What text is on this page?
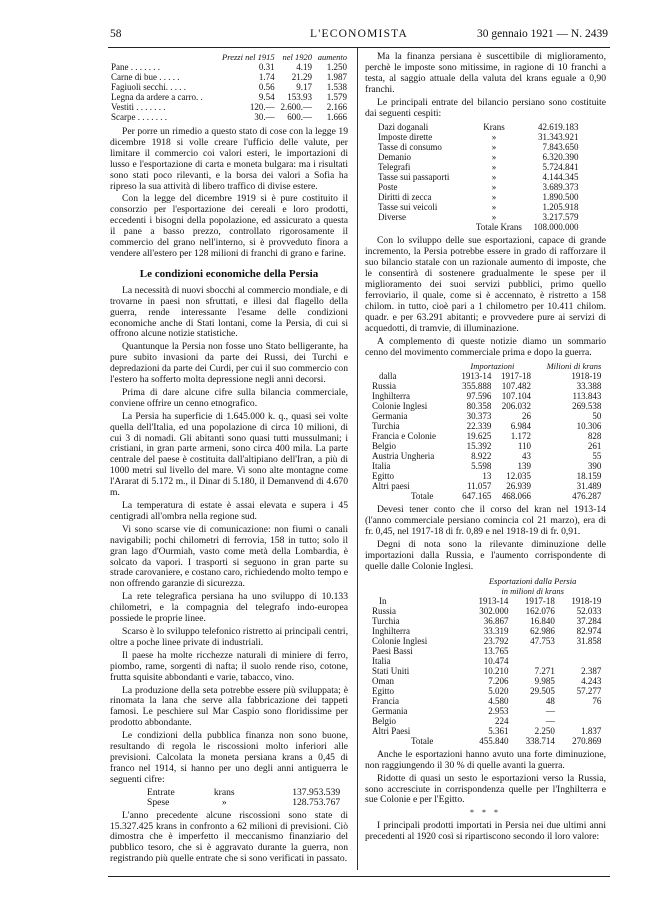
58	L'ECONOMISTA	30 gennaio 1921 — N. 2439
	Prezzi nel 1915	nel 1920	aumento
Pane . . . . . . .	0.31	4.19	1.250
Carne di bue . . . . .	1.74	21.29	1.987
Fagiuoli secchi. . . . .	0.56	9.17	1.538
Legna da ardere a carro. .	9.54	153.93	1.579
Vestiti . . . . . . .	120.—	2.600.—	2.166
Scarpe . . . . . . .	30.—	600.—	1.666

Per porre un rimedio a questo stato di cose con la legge 19 dicembre 1918 si volle creare l'ufficio delle valute, per limitare il commercio coi valori esteri, le importazioni di lusso e l'esportazione di carta e moneta bulgara: ma i risultati sono stati poco rilevanti, e la borsa dei valori a Sofia ha ripreso la sua attività di libero traffico di divise estere.

Con la legge del dicembre 1919 si è pure costituito il consorzio per l'esportazione dei cereali e loro prodotti, eccedenti i bisogni della popolazione, ed assicurato a questa il pane a basso prezzo, controllato rigorosamente il commercio del grano nell'interno, si è provveduto finora a vendere all'estero per 128 milioni di franchi di grano e farine.

Le condizioni economiche della Persia

La necessità di nuovi sbocchi al commercio mondiale, e di trovarne in paesi non sfruttati, e illesi dal flagello della guerra, rende interessante l'esame delle condizioni economiche anche di Stati lontani, come la Persia, di cui si offrono alcune notizie statistiche.

Quantunque la Persia non fosse uno Stato belligerante, ha pure subito invasioni da parte dei Russi, dei Turchi e depredazioni da parte dei Curdi, per cui il suo commercio con l'estero ha sofferto molta depressione negli anni decorsi.

Prima di dare alcune cifre sulla bilancia commerciale, conviene offrire un cenno etnografico.

La Persia ha superficie di 1.645.000 k. q., quasi sei volte quella dell'Italia, ed una popolazione di circa 10 milioni, di cui 3 di nomadi. Gli abitanti sono quasi tutti mussulmani; i cristiani, in gran parte armeni, sono circa 400 mila. La parte centrale del paese è costituita dall'altipiano dell'Iran, a più di 1000 metri sul livello del mare. Vi sono alte montagne come l'Ararat di 5.172 m., il Dinar di 5.180, il Demanvend di 4.670 m.

La temperatura di estate è assai elevata e supera i 45 centigradi all'ombra nella regione sud.

Vi sono scarse vie di comunicazione: non fiumi o canali navigabili; pochi chilometri di ferrovia, 158 in tutto; solo il gran lago d'Ourmiah, vasto come metà della Lombardia, è solcato da vapori. I trasporti si seguono in gran parte su strade carovaniere, e costano caro, richiedendo molto tempo e non offrendo garanzie di sicurezza.

La rete telegrafica persiana ha uno sviluppo di 10.133 chilometri, e la compagnia del telegrafo indo-europea possiede le proprie linee.

Scarso è lo sviluppo telefonico ristretto ai principali centri, oltre a poche linee private di industriali.

Il paese ha molte ricchezze naturali di miniere di ferro, piombo, rame, sorgenti di nafta; il suolo rende riso, cotone, frutta squisite abbondanti e varie, tabacco, vino.

La produzione della seta potrebbe essere più sviluppata; è rinomata la lana che serve alla fabbricazione dei tappeti famosi. Le peschiere sul Mar Caspio sono floridissime per prodotto abbondante.

Le condizioni della pubblica finanza non sono buone, resultando di regola le riscossioni molto inferiori alle previsioni. Calcolata la moneta persiana krans a 0,45 di franco nel 1914, si hanno per uno degli anni antiguerra le seguenti cifre:

Entrate	krans	137.953.539
Spese	»	128.753.767

L'anno precedente alcune riscossioni sono state di 15.327.425 krans in confronto a 62 milioni di previsioni. Ciò dimostra che è imperfetto il meccanismo finanziario del pubblico tesoro, che si è aggravato durante la guerra, non registrando più quelle entrate che si sono verificati in passato.

Ma la finanza persiana è suscettibile di miglioramento, perchè le imposte sono mitissime, in ragione di 10 franchi a testa, al saggio attuale della valuta del krans eguale a 0,90 franchi.

Le principali entrate del bilancio persiano sono costituite dai seguenti cespiti:

Dazi doganali	Krans	42.619.183
Imposte dirette	»	31.343.921
Tasse di consumo	»	7.843.650
Demanio	»	6.320.390
Telegrafi	»	5.724.841
Tasse sui passaporti	»	4.144.345
Poste	»	3.689.373
Diritti di zecca	»	1.890.500
Tasse sui veicoli	»	1.205.918
Diverse	»	3.217.579
	Totale Krans	108.000.000

Con lo sviluppo delle sue esportazioni, capace di grande incremento, la Persia potrebbe essere in grado di rafforzare il suo bilancio statale con un razionale aumento di imposte, che le consentirà di sostenere gradualmente le spese per il miglioramento dei suoi servizi pubblici, primo quello ferroviario, il quale, come si è accennato, è ristretto a 158 chilom. in tutto, cioè pari a 1 chilometro per 10.411 chilom. quadr. e per 63.291 abitanti; e provvedere pure ai servizi di acquedotti, di tramvie, di illuminazione.

A complemento di queste notizie diamo un sommario cenno del movimento commerciale prima e dopo la guerra.

	Importazioni		Milioni di krans
dalla	1913-14	1917-18	1918-19
Russia	355.888	107.482	33.388
Inghilterra	97.596	107.104	113.843
Colonie Inglesi	80.358	206.032	269.538
Germania	30.373	26	50
Turchia	22.339	6.984	10.306
Francia e Colonie	19.625	1.172	828
Belgio	15.392	110	261
Austria Ungheria	8.922	43	55
Italia	5.598	139	390
Egitto	13	12.035	18.159
Altri paesi	11.057	26.939	31.489
Totale	647.165	468.066	476.287

Devesi tener conto che il corso del kran nel 1913-14 (l'anno commerciale persiano comincia col 21 marzo), era di fr. 0,45, nel 1917-18 di fr. 0,89 e nel 1918-19 di fr. 0,91.

Degni di nota sono la rilevante diminuzione delle importazioni dalla Russia, e l'aumento corrispondente di quelle dalle Colonie Inglesi.

	Esportazioni dalla Persia		
	in milioni di krans		
In	1913-14	1917-18	1918-19
Russia	302.000	162.076	52.033
Turchia	36.867	16.840	37.284
Inghilterra	33.319	62.986	82.974
Colonie Inglesi	23.792	47.753	31.858
Paesi Bassi	13.765		
Italia	10.474		
Stati Uniti	10.210	7.271	2.387
Oman	7.206	9.985	4.243
Egitto	5.020	29.505	57.277
Francia	4.580	48	76
Germania	2.953	—	
Belgio	224	—	
Altri Paesi	5.361	2.250	1.837
Totale	455.840	338.714	270.869

Anche le esportazioni hanno avuto una forte diminuzione, non raggiungendo il 30 % di quelle avanti la guerra.

Ridotte di quasi un sesto le esportazioni verso la Russia, sono accresciute in corrispondenza quelle per l'Inghilterra e sue Colonie e per l'Egitto.

* * *

I principali prodotti importati in Persia nei due ultimi anni precedenti al 1920 così si ripartiscono secondo il loro valore:
